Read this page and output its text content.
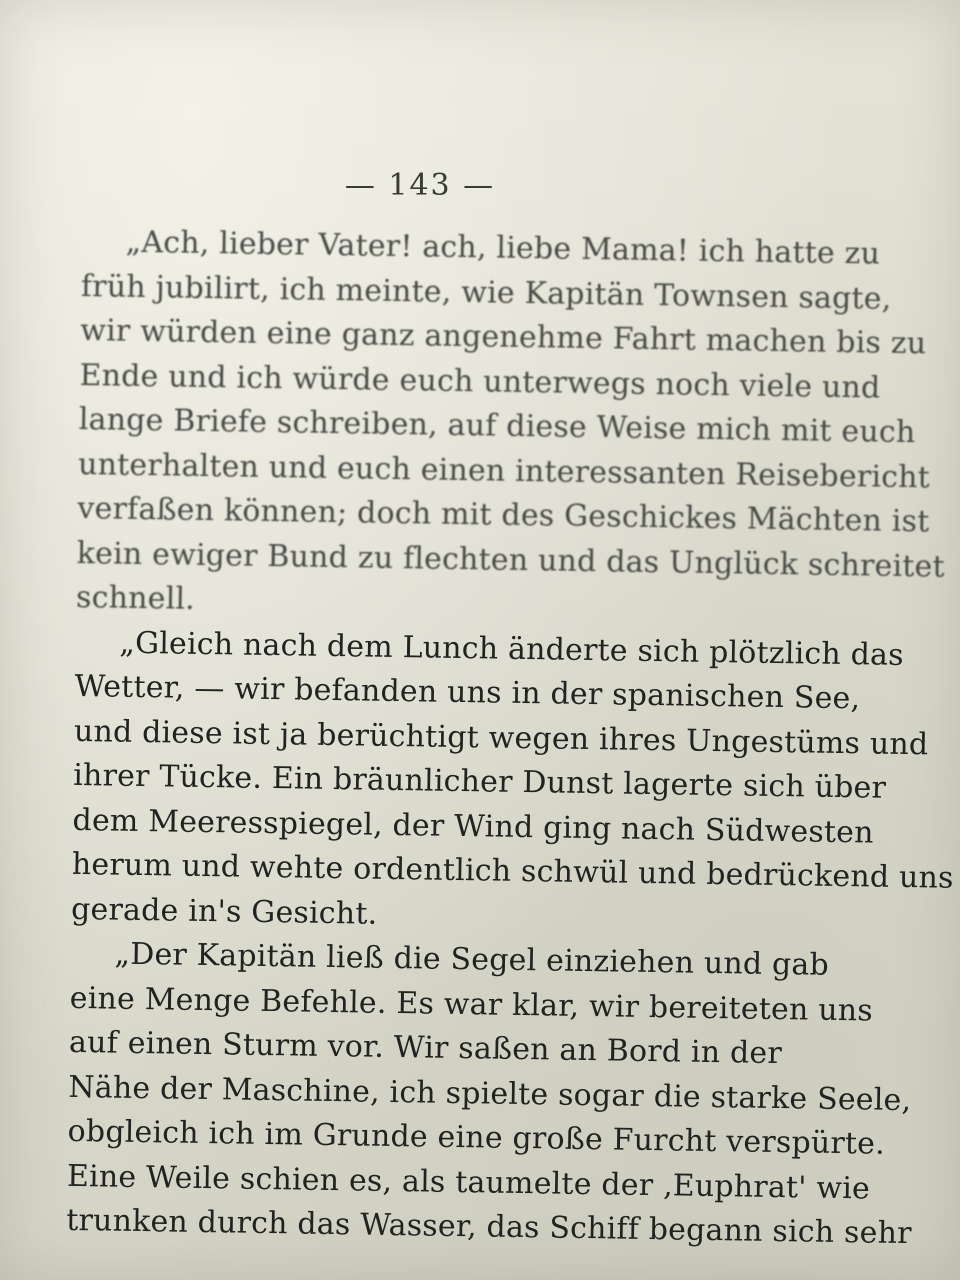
— 143 —
„Ach, lieber Vater! ach, liebe Mama! ich hatte zu
früh jubilirt, ich meinte, wie Kapitän Townsen sagte,
wir würden eine ganz angenehme Fahrt machen bis zu
Ende und ich würde euch unterwegs noch viele und
lange Briefe schreiben, auf diese Weise mich mit euch
unterhalten und euch einen interessanten Reisebericht
verfaßen können; doch mit des Geschickes Mächten ist
kein ewiger Bund zu flechten und das Unglück schreitet
schnell.
„Gleich nach dem Lunch änderte sich plötzlich das
Wetter, — wir befanden uns in der spanischen See,
und diese ist ja berüchtigt wegen ihres Ungestüms und
ihrer Tücke. Ein bräunlicher Dunst lagerte sich über
dem Meeresspiegel, der Wind ging nach Südwesten
herum und wehte ordentlich schwül und bedrückend uns
gerade in's Gesicht.
„Der Kapitän ließ die Segel einziehen und gab
eine Menge Befehle. Es war klar, wir bereiteten uns
auf einen Sturm vor. Wir saßen an Bord in der
Nähe der Maschine, ich spielte sogar die starke Seele,
obgleich ich im Grunde eine große Furcht verspürte.
Eine Weile schien es, als taumelte der ‚Euphrat' wie
trunken durch das Wasser, das Schiff begann sich sehr
